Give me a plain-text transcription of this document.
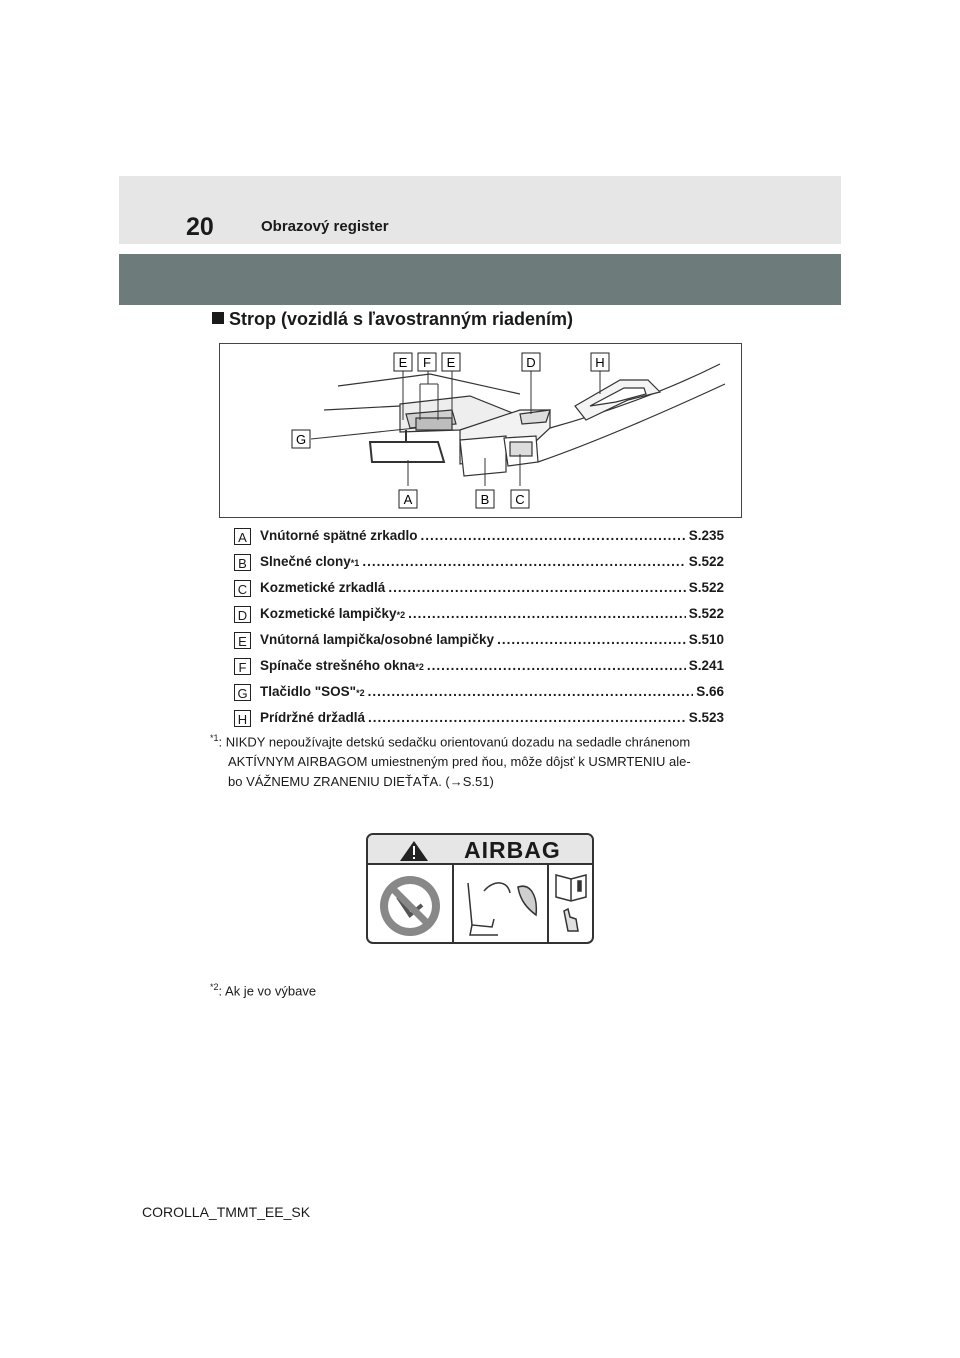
20	Obrazový register
Strop (vozidlá s ľavostranným riadením)
E F E	D	H
G
A	B C
A Vnútorné spätné zrkadlo .....	S.235
B Slnečné clony *1 .....	S.522
C Kozmetické zrkadlá .....	S.522
D Kozmetické lampičky *2 .....	S.522
E Vnútorná lampička/osobné lampičky .....	S.510
F	Spínače strešného okna *2 .....	S.241
G Tlačidlo "SOS" *2 .....	S.66
H Prídržné držadlá .....	S.523
$^{*1}$: NIKDY nepoužívajte detskú sedačku orientovanú dozadu na sedadle chránenom
AKTÍVNYM AIRBAGOM umiestneným pred ňou, môže dôjsť k USMRTENIU ale-
bo VÁŽNEMU ZRANENIU DIEŤAŤA. (→S.51)
AIRBAG
$^{*2}$: Ak je vo výbave
COROLLA_TMMT_EE_SK
